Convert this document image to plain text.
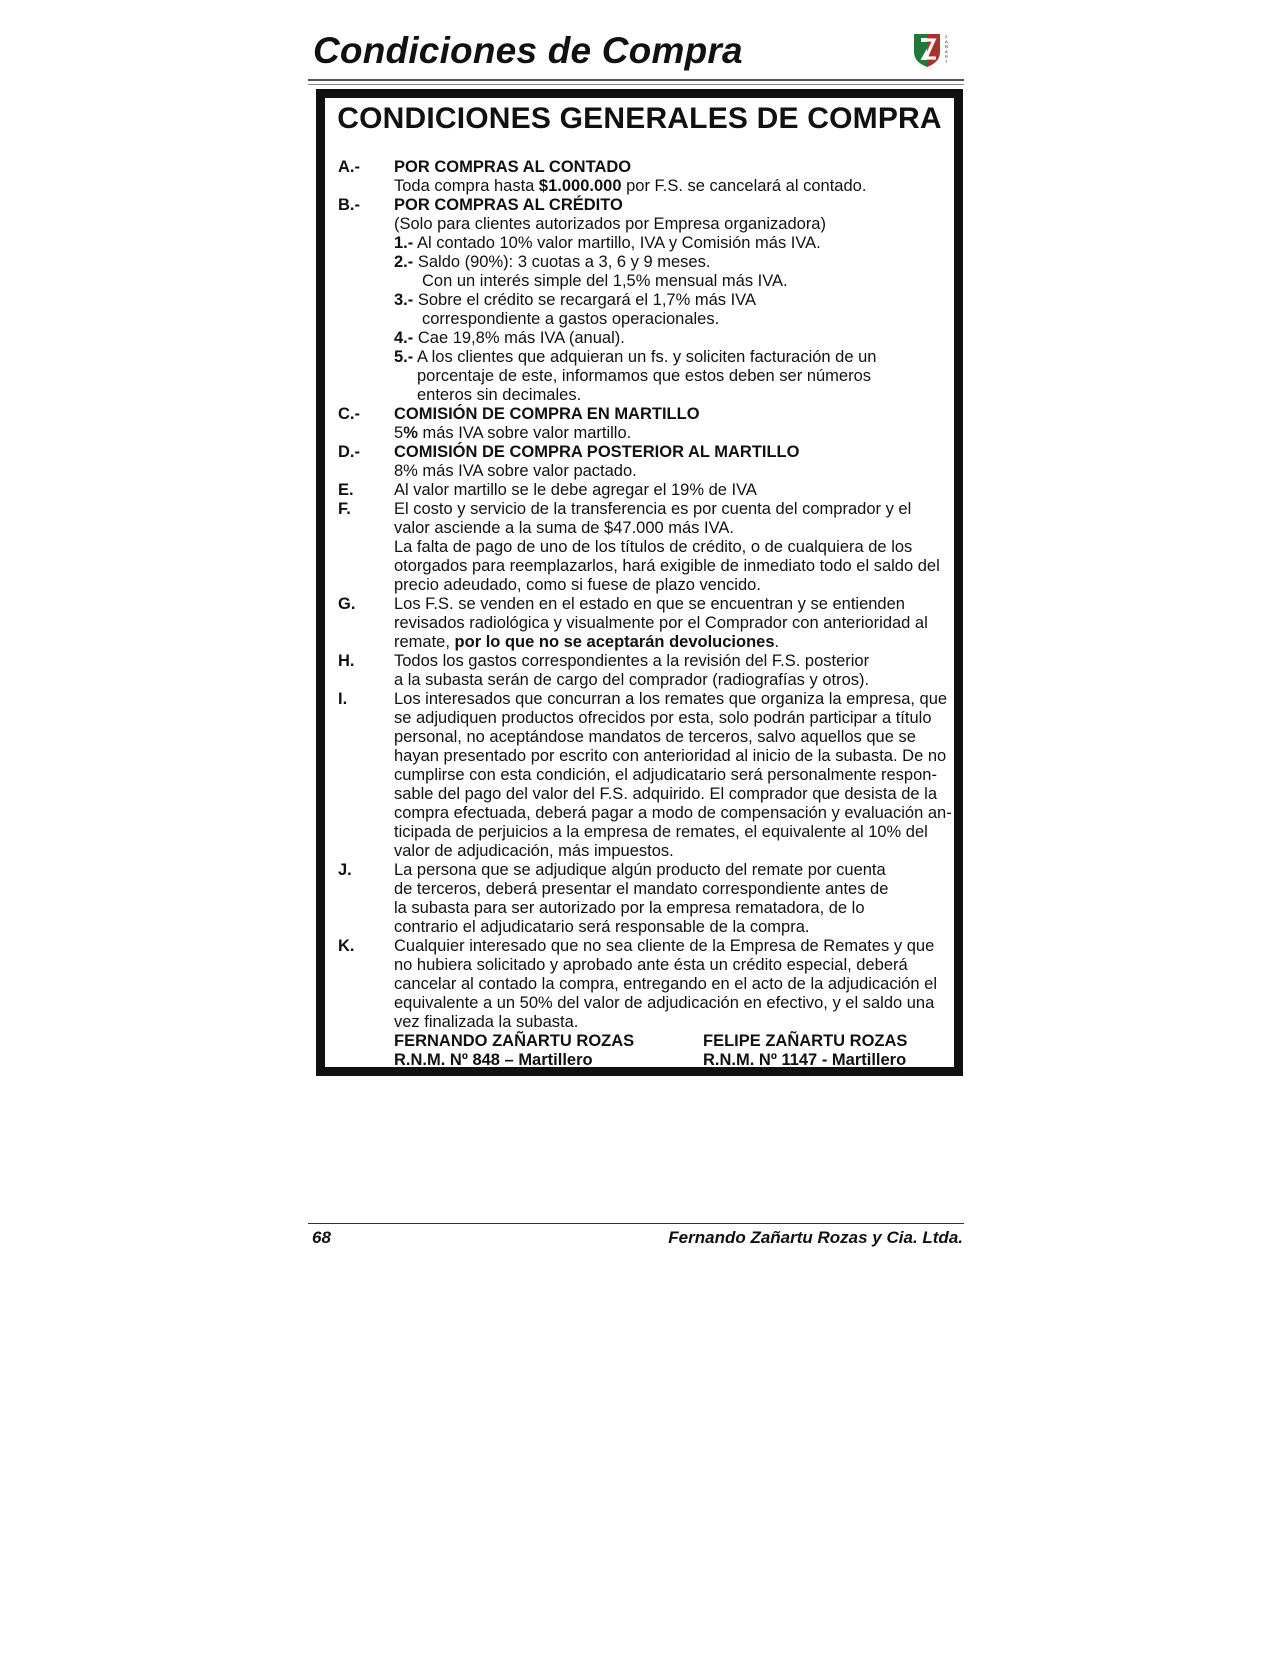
Condiciones de Compra	Z
A
Ñ
A
R
T
CONDICIONES GENERALES DE COMPRA
A.- POR COMPRAS AL CONTADO
Toda compra hasta $1.000.000 por F.S. se cancelará al contado.
B.- POR COMPRAS AL CRÉDITO
(Solo para clientes autorizados por Empresa organizadora)
1.- Al contado 10% valor martillo, IVA y Comisión más IVA.
2.- Saldo (90%): 3 cuotas a 3, 6 y 9 meses.
Con un interés simple del 1,5% mensual más IVA.
3.- Sobre el crédito se recargará el 1,7% más IVA
correspondiente a gastos operacionales.
4.- Cae 19,8% más IVA (anual).
5.- A los clientes que adquieran un fs. y soliciten facturación de un
porcentaje de este, informamos que estos deben ser números
enteros sin decimales.
C.- COMISIÓN DE COMPRA EN MARTILLO
5% más IVA sobre valor martillo.
D.- COMISIÓN DE COMPRA POSTERIOR AL MARTILLO
8% más IVA sobre valor pactado.
E. Al valor martillo se le debe agregar el 19% de IVA
F.	El costo y servicio de la transferencia es por cuenta del comprador y el
valor asciende a la suma de $47.000 más IVA.
La falta de pago de uno de los títulos de crédito, o de cualquiera de los
otorgados para reemplazarlos, hará exigible de inmediato todo el saldo del
precio adeudado, como si fuese de plazo vencido.
G. Los F.S. se venden en el estado en que se encuentran y se entienden
revisados radiológica y visualmente por el Comprador con anterioridad al
remate, por lo que no se aceptarán devoluciones.
H. Todos los gastos correspondientes a la revisión del F.S. posterior
a la subasta serán de cargo del comprador (radiografías y otros).
I.	Los interesados que concurran a los remates que organiza la empresa, que
se adjudiquen productos ofrecidos por esta, solo podrán participar a título
personal, no aceptándose mandatos de terceros, salvo aquellos que se
hayan presentado por escrito con anterioridad al inicio de la subasta. De no
cumplirse con esta condición, el adjudicatario será personalmente respon-
sable del pago del valor del F.S. adquirido. El comprador que desista de la
compra efectuada, deberá pagar a modo de compensación y evaluación an-
ticipada de perjuicios a la empresa de remates, el equivalente al 10% del
valor de adjudicación, más impuestos.
J.	La persona que se adjudique algún producto del remate por cuenta
de terceros, deberá presentar el mandato correspondiente antes de
la subasta para ser autorizado por la empresa rematadora, de lo
contrario el adjudicatario será responsable de la compra.
K. Cualquier interesado que no sea cliente de la Empresa de Remates y que
no hubiera solicitado y aprobado ante ésta un crédito especial, deberá
cancelar al contado la compra, entregando en el acto de la adjudicación el
equivalente a un 50% del valor de adjudicación en efectivo, y el saldo una
vez finalizada la subasta.
FERNANDO ZAÑARTU ROZAS	FELIPE ZAÑARTU ROZAS
R.N.M. Nº 848 – Martillero	R.N.M. Nº 1147 - Martillero
68	Fernando Zañartu Rozas y Cia. Ltda.
